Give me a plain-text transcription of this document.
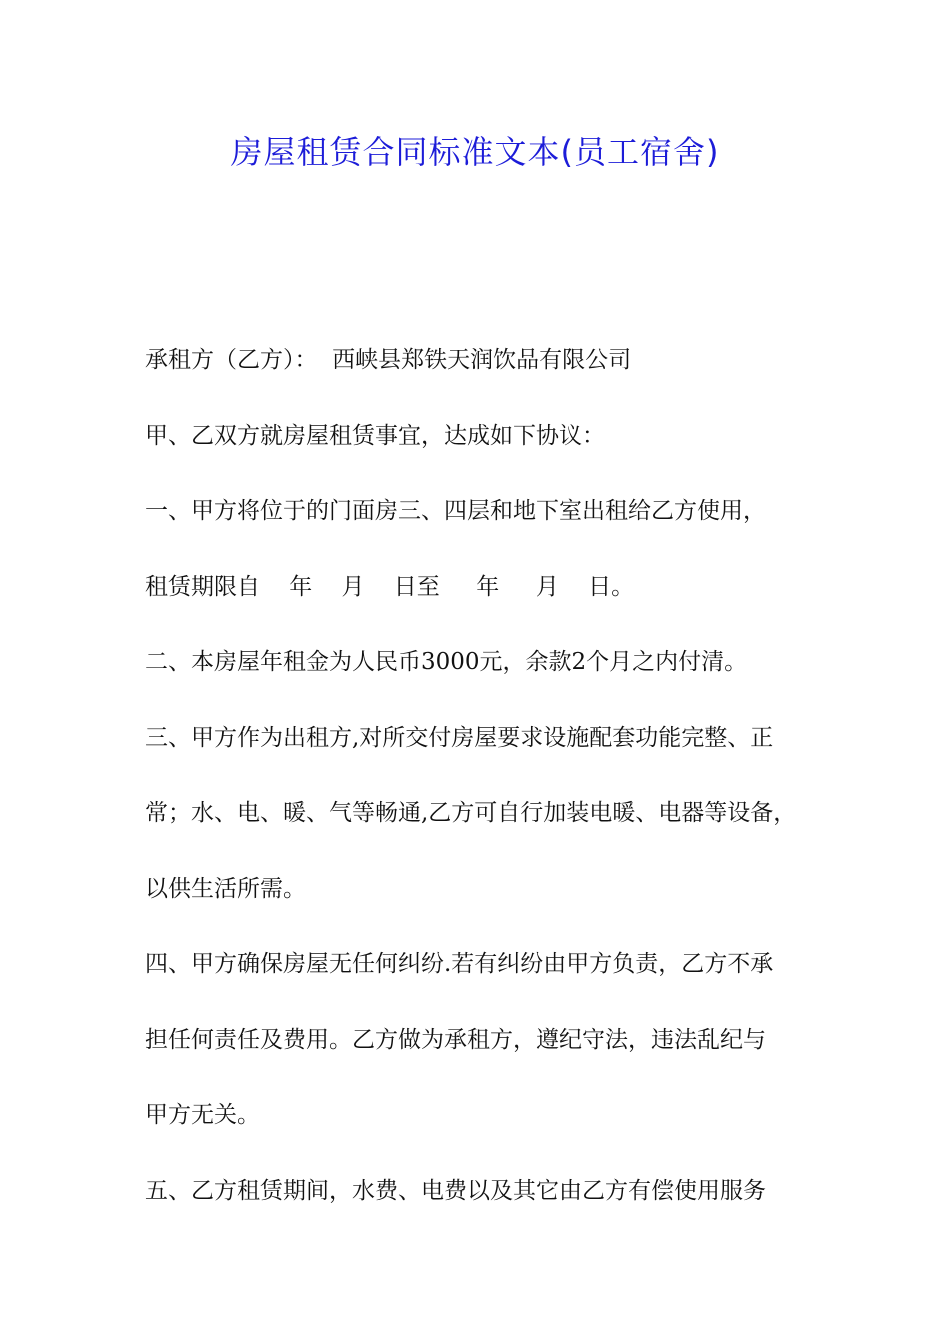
房屋租赁合同标准文本(员工宿舍)
承租方（乙方）：  西峡县郑铁天润饮品有限公司
甲、乙双方就房屋租赁事宜，达成如下协议：
一、甲方将位于的门面房三、四层和地下室出租给乙方使用，
租赁期限自    年    月    日至     年     月    日。
二、本房屋年租金为人民币3000元，余款2个月之内付清。
三、甲方作为出租方,对所交付房屋要求设施配套功能完整、正
常；水、电、暖、气等畅通,乙方可自行加装电暖、电器等设备，
以供生活所需。
四、甲方确保房屋无任何纠纷.若有纠纷由甲方负责，乙方不承
担任何责任及费用。乙方做为承租方，遵纪守法，违法乱纪与
甲方无关。
五、乙方租赁期间，水费、电费以及其它由乙方有偿使用服务
